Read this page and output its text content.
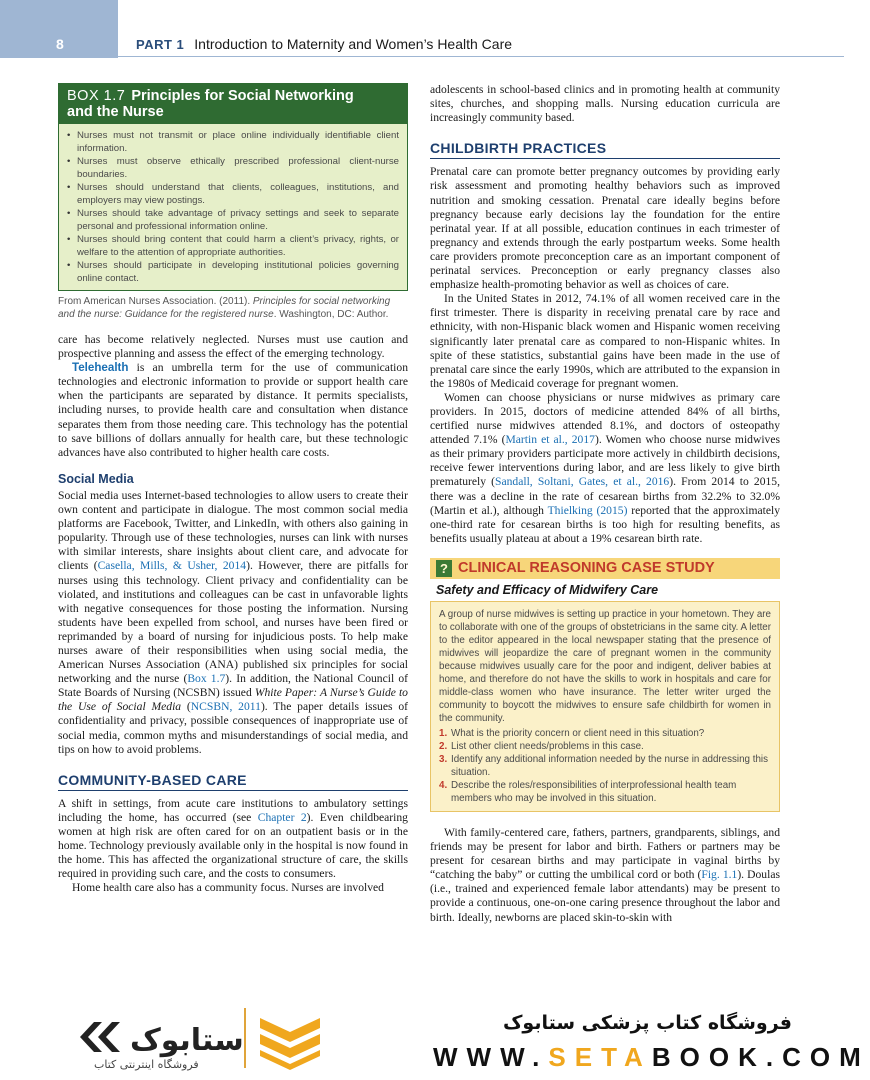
8	PART 1 Introduction to Maternity and Women’s Health Care
BOX 1.7 Principles for Social Networking
and the Nurse
• Nurses must not transmit or place online individually identifiable client information.
• Nurses must observe ethically prescribed professional client-nurse boundaries.
• Nurses should understand that clients, colleagues, institutions, and employers may view postings.
• Nurses should take advantage of privacy settings and seek to separate personal and professional information online.
• Nurses should bring content that could harm a client’s privacy, rights, or welfare to the attention of appropriate authorities.
• Nurses should participate in developing institutional policies governing online contact.
From American Nurses Association. (2011). Principles for social networking and the nurse: Guidance for the registered nurse. Washington, DC: Author.

care has become relatively neglected. Nurses must use caution and prospective planning and assess the effect of the emerging technology.

Telehealth is an umbrella term for the use of communication technologies and electronic information to provide or support health care when the participants are separated by distance. It permits specialists, including nurses, to provide health care and consultation when distance separates them from those needing care. This technology has the potential to save billions of dollars annually for health care, but these technologic advances have also contributed to higher health care costs.

Social Media

Social media uses Internet-based technologies to allow users to create their own content and participate in dialogue. The most common social media platforms are Facebook, Twitter, and LinkedIn, with others also gaining in popularity. Through use of these technologies, nurses can link with nurses with similar interests, share insights about client care, and advocate for clients (Casella, Mills, & Usher, 2014). However, there are pitfalls for nurses using this technology. Client privacy and confidentiality can be violated, and institutions and colleagues can be cast in unfavorable lights with negative consequences for those posting the information. Nursing students have been expelled from school, and nurses have been fired or reprimanded by a board of nursing for injudicious posts. To help make nurses aware of their responsibilities when using social media, the American Nurses Association (ANA) published six principles for social networking and the nurse (Box 1.7). In addition, the National Council of State Boards of Nursing (NCSBN) issued White Paper: A Nurse’s Guide to the Use of Social Media (NCSBN, 2011). The paper details issues of confidentiality and privacy, possible consequences of inappropriate use of social media, common myths and misunderstandings of social media, and tips on how to avoid problems.

COMMUNITY-BASED CARE

A shift in settings, from acute care institutions to ambulatory settings including the home, has occurred (see Chapter 2). Even childbearing women at high risk are often cared for on an outpatient basis or in the home. Technology previously available only in the hospital is now found in the home. This has affected the organizational structure of care, the skills required in providing such care, and the costs to consumers.

Home health care also has a community focus. Nurses are involved

adolescents in school-based clinics and in promoting health at community sites, churches, and shopping malls. Nursing education curricula are increasingly community based.

CHILDBIRTH PRACTICES

Prenatal care can promote better pregnancy outcomes by providing early risk assessment and promoting healthy behaviors such as improved nutrition and smoking cessation. Prenatal care ideally begins before pregnancy because early decisions lay the foundation for the entire perinatal year. If at all possible, education continues in each trimester of pregnancy and extends through the early postpartum weeks. Some health care providers promote preconception care as an important component of perinatal services. Preconception or early pregnancy classes also emphasize health-promoting behavior as well as choices of care.

In the United States in 2012, 74.1% of all women received care in the first trimester. There is disparity in receiving prenatal care by race and ethnicity, with non-Hispanic black women and Hispanic women receiving significantly later prenatal care as compared to non-Hispanic whites. In spite of these statistics, substantial gains have been made in the use of prenatal care since the early 1990s, which are attributed to the expansion in the 1980s of Medicaid coverage for pregnant women.

Women can choose physicians or nurse midwives as primary care providers. In 2015, doctors of medicine attended 84% of all births, certified nurse midwives attended 8.1%, and doctors of osteopathy attended 7.1% (Martin et al., 2017). Women who choose nurse midwives as their primary providers participate more actively in childbirth decisions, receive fewer interventions during labor, and are less likely to give birth prematurely (Sandall, Soltani, Gates, et al., 2016). From 2014 to 2015, there was a decline in the rate of cesarean births from 32.2% to 32.0% (Martin et al.), although Thielking (2015) reported that the approximately one-third rate for cesarean births is too high for resulting benefits, as benefits usually plateau at about a 19% cesarean birth rate.

? CLINICAL REASONING CASE STUDY
Safety and Efficacy of Midwifery Care
A group of nurse midwives is setting up practice in your hometown. They are to collaborate with one of the groups of obstetricians in the same city. A letter to the editor appeared in the local newspaper stating that the presence of midwives will jeopardize the care of pregnant women in the community because midwives usually care for the poor and indigent, deliver babies at home, and therefore do not have the skills to work in hospitals and care for middle-class women who have insurance. The letter writer urged the community to boycott the midwives to ensure safe childbirth for women in the community.
1. What is the priority concern or client need in this situation?
2. List other client needs/problems in this case.
3. Identify any additional information needed by the nurse in addressing this situation.
4. Describe the roles/responsibilities of interprofessional health team members who may be involved in this situation.

With family-centered care, fathers, partners, grandparents, siblings, and friends may be present for labor and birth. Fathers or partners may be present for cesarean births and may participate in vaginal births by “catching the baby” or cutting the umbilical cord or both (Fig. 1.1). Doulas (i.e., trained and experienced female labor attendants) may be present to provide a continuous, one-on-one caring presence throughout the labor and birth. Ideally, newborns are placed skin-to-skin with

ستابوک
فروشگاه اینترنتی کتاب
فروشگاه کتاب پزشکی ستابوک
WWW.SETABOOK.COM
